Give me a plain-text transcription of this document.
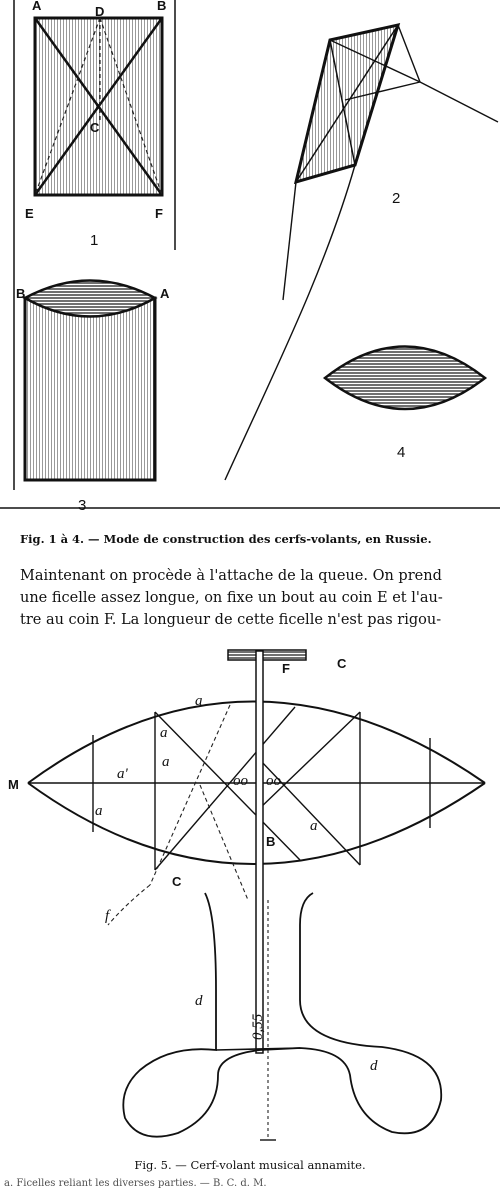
A	D	B
C
E	F
1
2
B	A
3
4
C
F
M
B
C
a
a
a
a'
a
a
oo oo
f
d
d
0,55
Fig. 1 à 4. — Mode de construction des cerfs-volants, en Russie.
Maintenant on procède à l'attache de la queue. On prend
une ficelle assez longue, on fixe un bout au coin E et l'au-
tre au coin F. La longueur de cette ficelle n'est pas rigou-
Fig. 5. — Cerf-volant musical annamite.
a. Ficelles reliant les diverses parties. — B. C. d. M.
